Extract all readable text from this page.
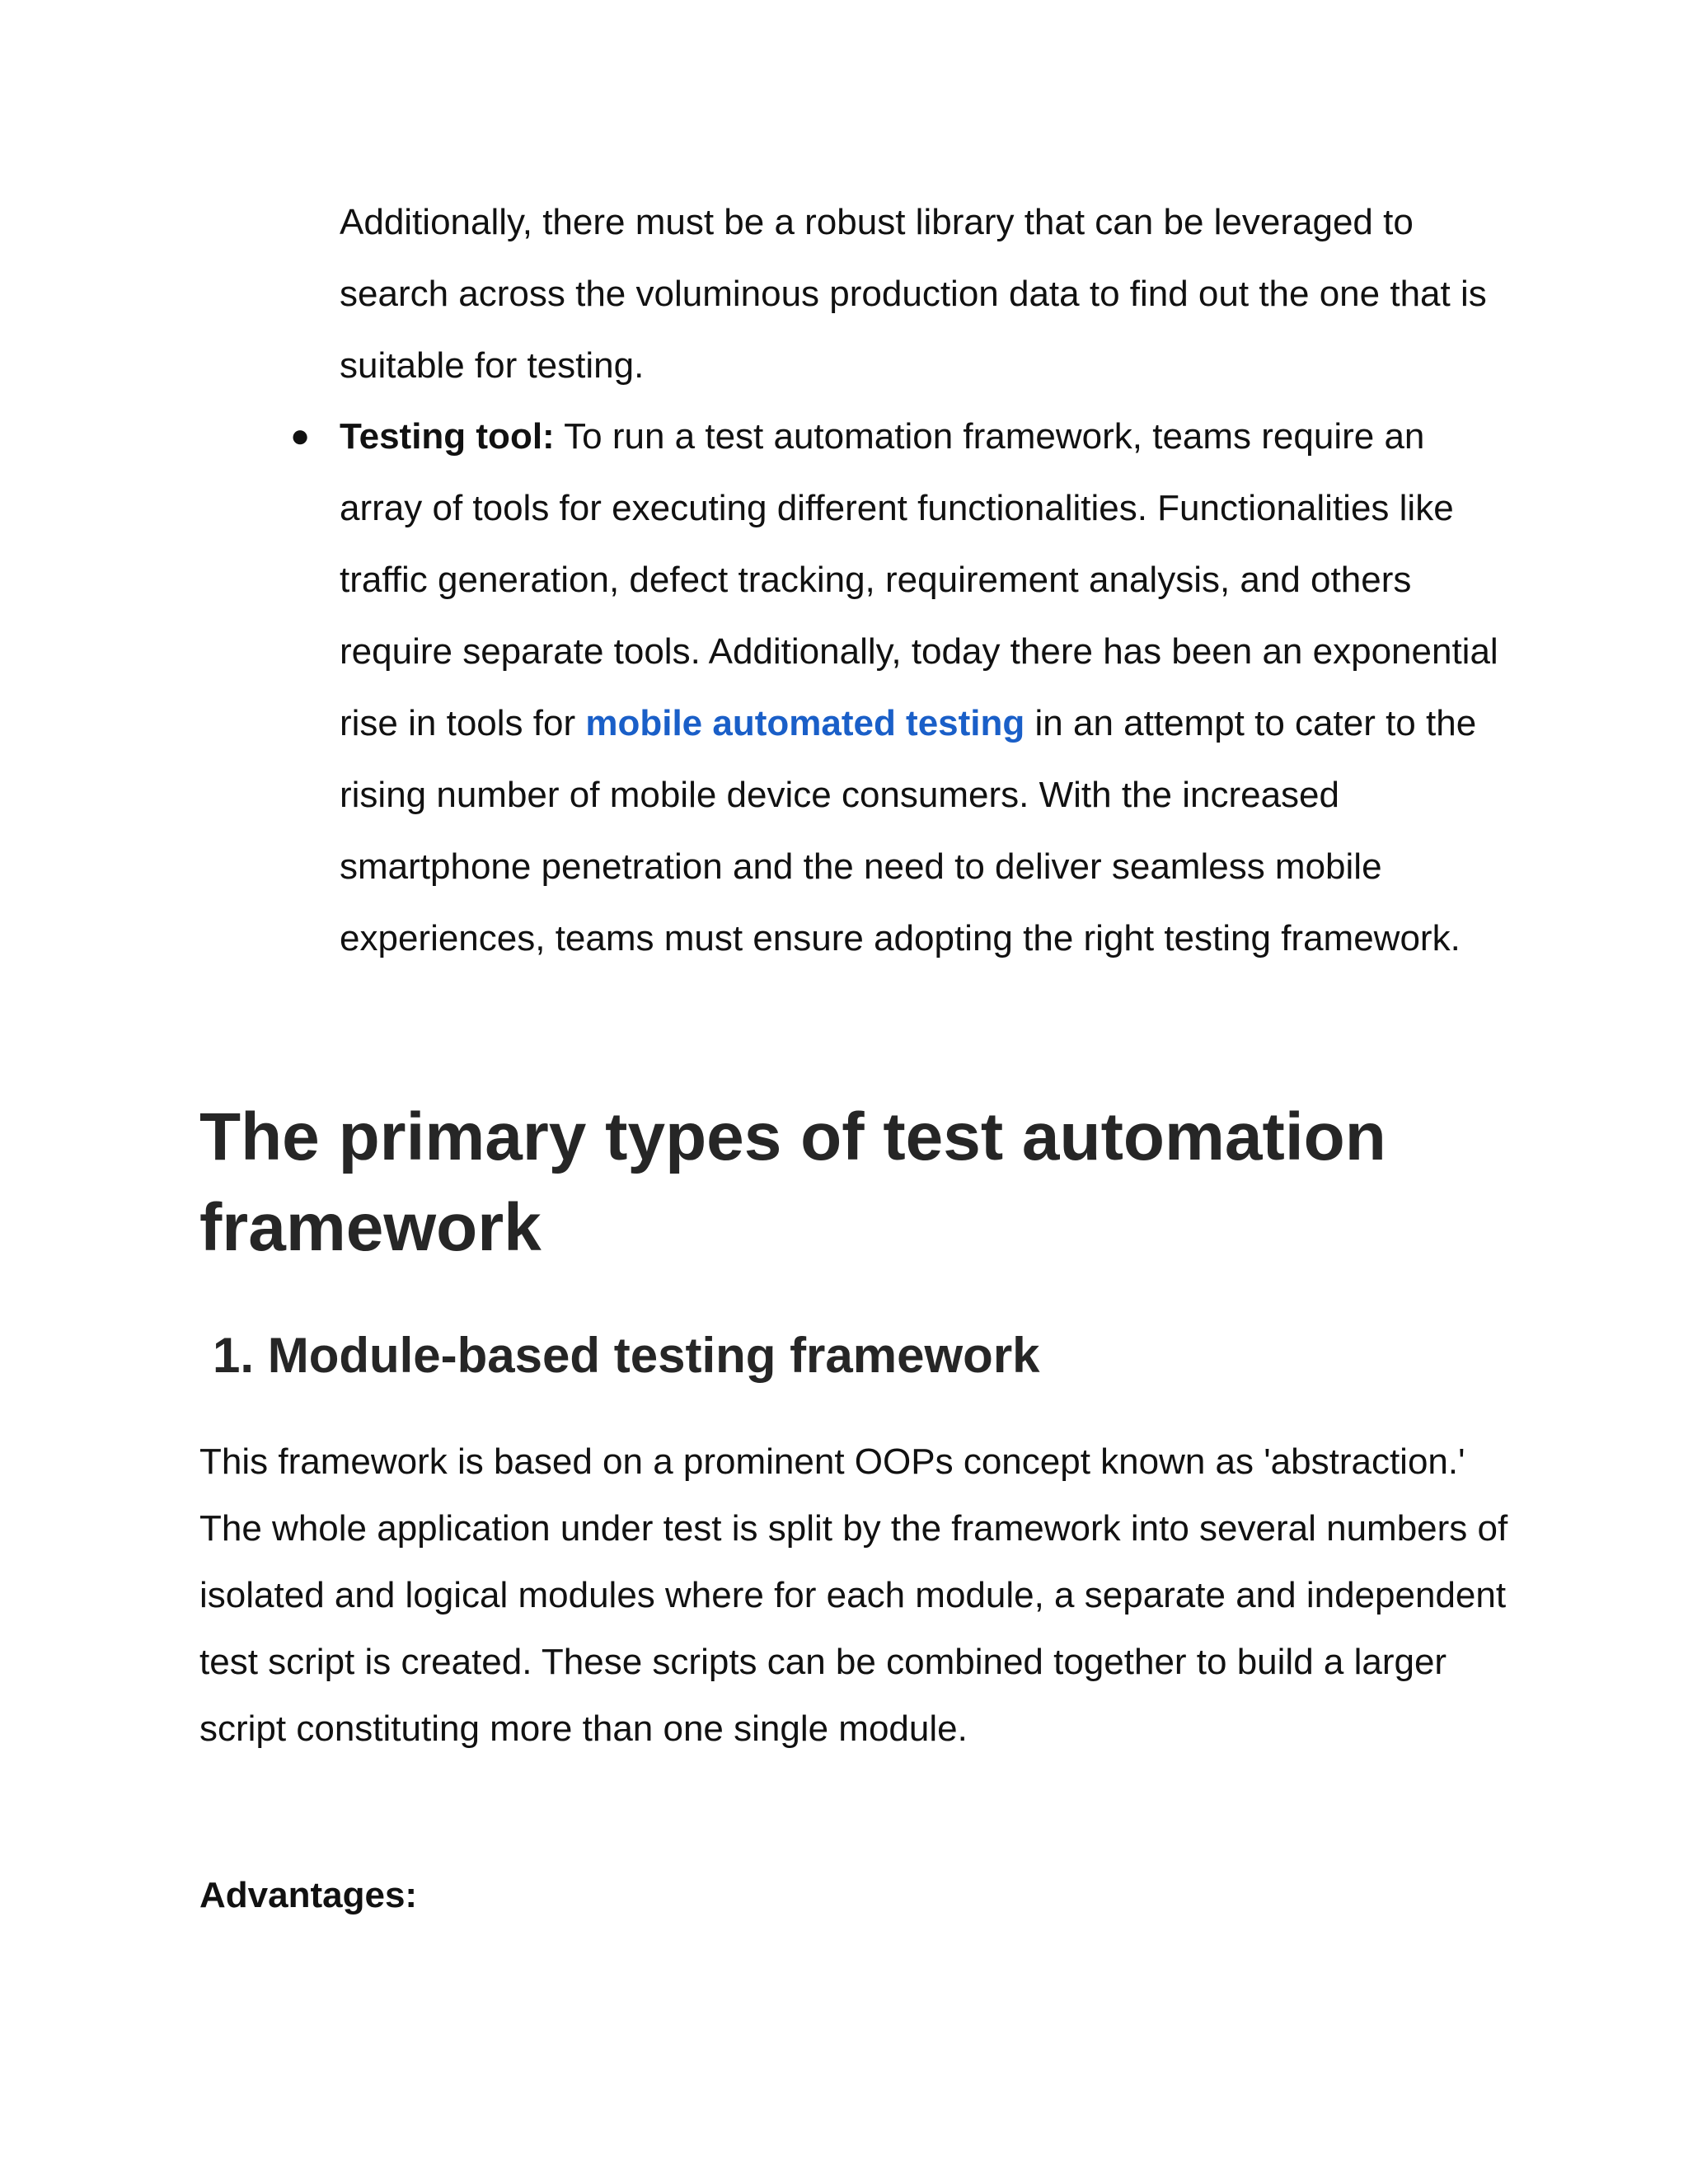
Additionally, there must be a robust library that can be leveraged to search across the voluminous production data to find out the one that is suitable for testing.

● Testing tool: To run a test automation framework, teams require an array of tools for executing different functionalities. Functionalities like traffic generation, defect tracking, requirement analysis, and others require separate tools. Additionally, today there has been an exponential rise in tools for mobile automated testing in an attempt to cater to the rising number of mobile device consumers. With the increased smartphone penetration and the need to deliver seamless mobile experiences, teams must ensure adopting the right testing framework.

The primary types of test automation framework
1. Module-based testing framework

This framework is based on a prominent OOPs concept known as 'abstraction.' The whole application under test is split by the framework into several numbers of isolated and logical modules where for each module, a separate and independent test script is created. These scripts can be combined together to build a larger script constituting more than one single module.

Advantages:
